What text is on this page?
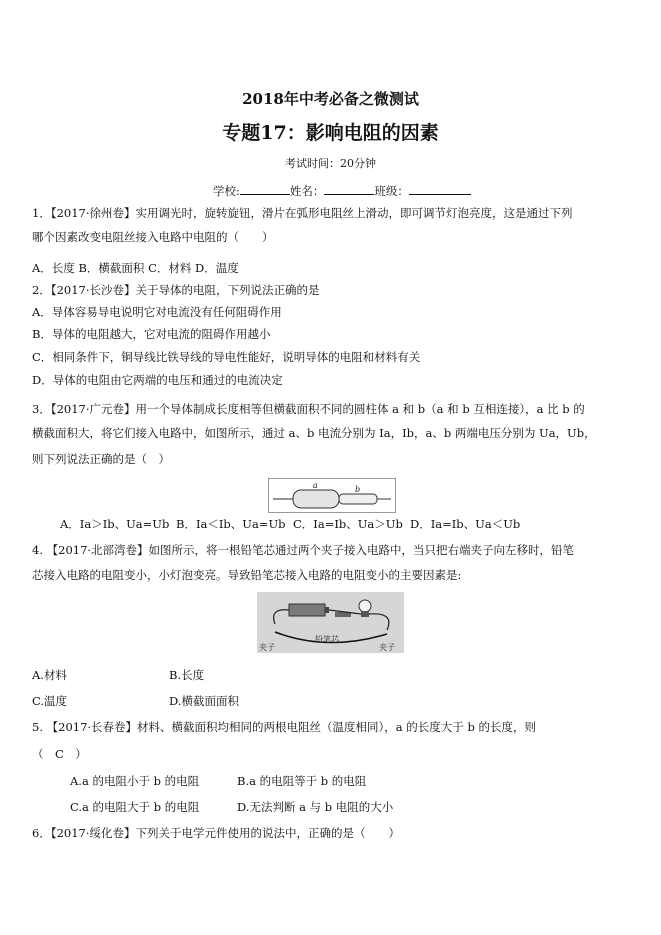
2018年中考必备之微测试
专题17：影响电阻的因素
考试时间：20分钟
学校:	姓名：	班级：
1．【2017·徐州卷】实用调光时，旋转旋钮，滑片在弧形电阻丝上滑动，即可调节灯泡亮度，这是通过下列
哪个因素改变电阻丝接入电路中电阻的（　　）
A．长度 B．横截面积 C．材料 D．温度
2．【2017·长沙卷】关于导体的电阻，下列说法正确的是
A．导体容易导电说明它对电流没有任何阻碍作用
B．导体的电阻越大，它对电流的阻碍作用越小
C．相同条件下，铜导线比铁导线的导电性能好，说明导体的电阻和材料有关
D．导体的电阻由它两端的电压和通过的电流决定
3．【2017·广元卷】用一个导体制成长度相等但横截面积不同的圆柱体 a 和 b（a 和 b 互相连接），a 比 b 的
横截面积大，将它们接入电路中，如图所示，通过 a、b 电流分别为 Ia，Ib，a、b 两端电压分别为 Ua，Ub，
则下列说法正确的是（　）
a	b
A．Ia＞Ib、Ua=Ub B．Ia＜Ib、Ua=Ub C．Ia=Ib、Ua＞Ub D．Ia=Ib、Ua＜Ub
4. 【2017·北部湾卷】如图所示，将一根铅笔芯通过两个夹子接入电路中，当只把右端夹子向左移时，铅笔
芯接入电路的电阻变小，小灯泡变亮。导致铅笔芯接入电路的电阻变小的主要因素是:
夹子
铅笔芯
夹子
A.材料	B.长度
C.温度	D.横截面面积
5. 【2017·长春卷】材料、横截面积均相同的两根电阻丝（温度相同），a 的长度大于 b 的长度，则
（　C　）
A.a 的电阻小于 b 的电阻	B.a 的电阻等于 b 的电阻
C.a 的电阻大于 b 的电阻	D.无法判断 a 与 b 电阻的大小
6．【2017·绥化卷】下列关于电学元件使用的说法中，正确的是（　　）
